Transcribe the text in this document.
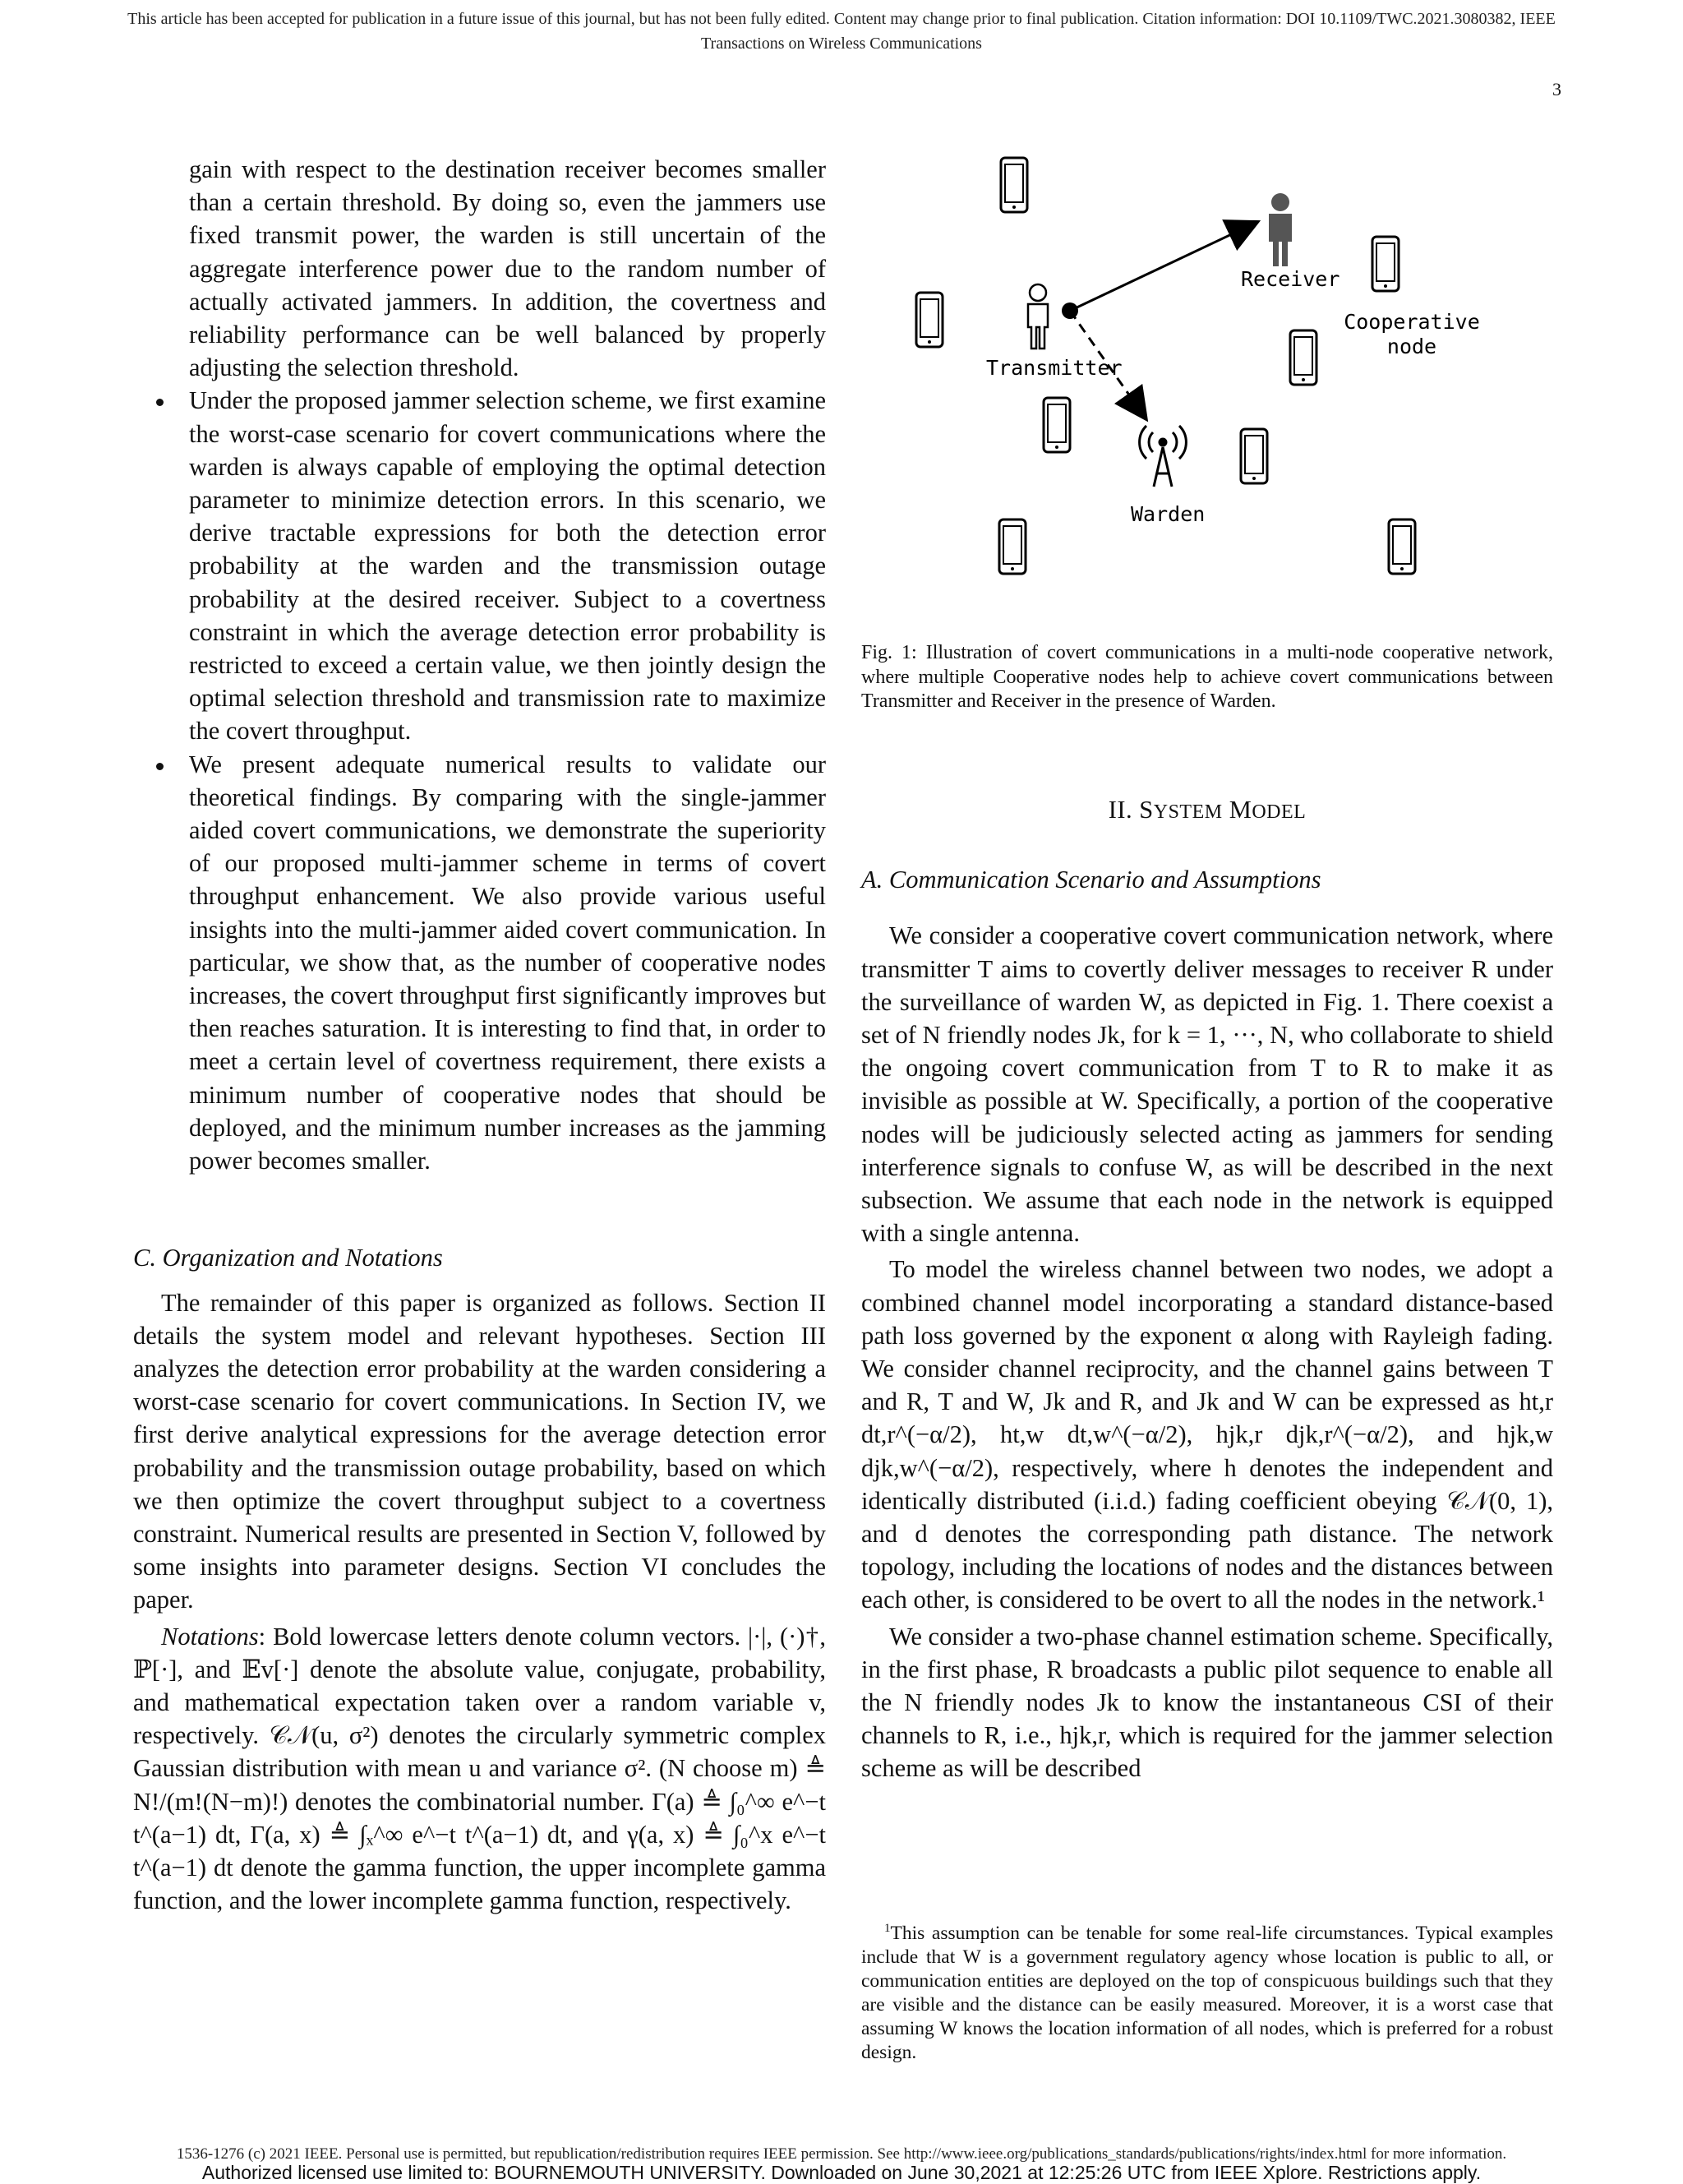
This article has been accepted for publication in a future issue of this journal, but has not been fully edited. Content may change prior to final publication. Citation information: DOI 10.1109/TWC.2021.3080382, IEEE
Transactions on Wireless Communications
3
gain with respect to the destination receiver becomes smaller than a certain threshold. By doing so, even the jammers use fixed transmit power, the warden is still uncertain of the aggregate interference power due to the random number of actually activated jammers. In addition, the covertness and reliability performance can be well balanced by properly adjusting the selection threshold.
Under the proposed jammer selection scheme, we first examine the worst-case scenario for covert communications where the warden is always capable of employing the optimal detection parameter to minimize detection errors. In this scenario, we derive tractable expressions for both the detection error probability at the warden and the transmission outage probability at the desired receiver. Subject to a covertness constraint in which the average detection error probability is restricted to exceed a certain value, we then jointly design the optimal selection threshold and transmission rate to maximize the covert throughput.
We present adequate numerical results to validate our theoretical findings. By comparing with the single-jammer aided covert communications, we demonstrate the superiority of our proposed multi-jammer scheme in terms of covert throughput enhancement. We also provide various useful insights into the multi-jammer aided covert communication. In particular, we show that, as the number of cooperative nodes increases, the covert throughput first significantly improves but then reaches saturation. It is interesting to find that, in order to meet a certain level of covertness requirement, there exists a minimum number of cooperative nodes that should be deployed, and the minimum number increases as the jamming power becomes smaller.

C. Organization and Notations

The remainder of this paper is organized as follows. Section II details the system model and relevant hypotheses. Section III analyzes the detection error probability at the warden considering a worst-case scenario for covert communications. In Section IV, we first derive analytical expressions for the average detection error probability and the transmission outage probability, based on which we then optimize the covert throughput subject to a covertness constraint. Numerical results are presented in Section V, followed by some insights into parameter designs. Section VI concludes the paper.

Notations: Bold lowercase letters denote column vectors. |·|, (·)†, ℙ[·], and 𝔼v[·] denote the absolute value, conjugate, probability, and mathematical expectation taken over a random variable v, respectively. 𝒞𝒩(u, σ²) denotes the circularly symmetric complex Gaussian distribution with mean u and variance σ². (N choose m) ≜ N!/(m!(N−m)!) denotes the combinatorial number. Γ(a) ≜ ∫₀^∞ e^−t t^(a−1) dt, Γ(a, x) ≜ ∫ₓ^∞ e^−t t^(a−1) dt, and γ(a, x) ≜ ∫₀^x e^−t t^(a−1) dt denote the gamma function, the upper incomplete gamma function, and the lower incomplete gamma function, respectively.

Receiver
Transmitter
Warden
Cooperative
node
Fig. 1: Illustration of covert communications in a multi-node cooperative network, where multiple Cooperative nodes help to achieve covert communications between Transmitter and Receiver in the presence of Warden.

II. SYSTEM MODEL

A. Communication Scenario and Assumptions

We consider a cooperative covert communication network, where transmitter T aims to covertly deliver messages to receiver R under the surveillance of warden W, as depicted in Fig. 1. There coexist a set of N friendly nodes Jk, for k = 1, ···, N, who collaborate to shield the ongoing covert communication from T to R to make it as invisible as possible at W. Specifically, a portion of the cooperative nodes will be judiciously selected acting as jammers for sending interference signals to confuse W, as will be described in the next subsection. We assume that each node in the network is equipped with a single antenna.

To model the wireless channel between two nodes, we adopt a combined channel model incorporating a standard distance-based path loss governed by the exponent α along with Rayleigh fading. We consider channel reciprocity, and the channel gains between T and R, T and W, Jk and R, and Jk and W can be expressed as ht,r dt,r^(−α/2), ht,w dt,w^(−α/2), hjk,r djk,r^(−α/2), and hjk,w djk,w^(−α/2), respectively, where h denotes the independent and identically distributed (i.i.d.) fading coefficient obeying 𝒞𝒩(0, 1), and d denotes the corresponding path distance. The network topology, including the locations of nodes and the distances between each other, is considered to be overt to all the nodes in the network.¹

We consider a two-phase channel estimation scheme. Specifically, in the first phase, R broadcasts a public pilot sequence to enable all the N friendly nodes Jk to know the instantaneous CSI of their channels to R, i.e., hjk,r, which is required for the jammer selection scheme as will be described

$^1$This assumption can be tenable for some real-life circumstances. Typical examples include that W is a government regulatory agency whose location is public to all, or communication entities are deployed on the top of conspicuous buildings such that they are visible and the distance can be easily measured. Moreover, it is a worst case that assuming W knows the location information of all nodes, which is preferred for a robust design.
1536-1276 (c) 2021 IEEE. Personal use is permitted, but republication/redistribution requires IEEE permission. See http://www.ieee.org/publications_standards/publications/rights/index.html for more information.
Authorized licensed use limited to: BOURNEMOUTH UNIVERSITY. Downloaded on June 30,2021 at 12:25:26 UTC from IEEE Xplore. Restrictions apply.
